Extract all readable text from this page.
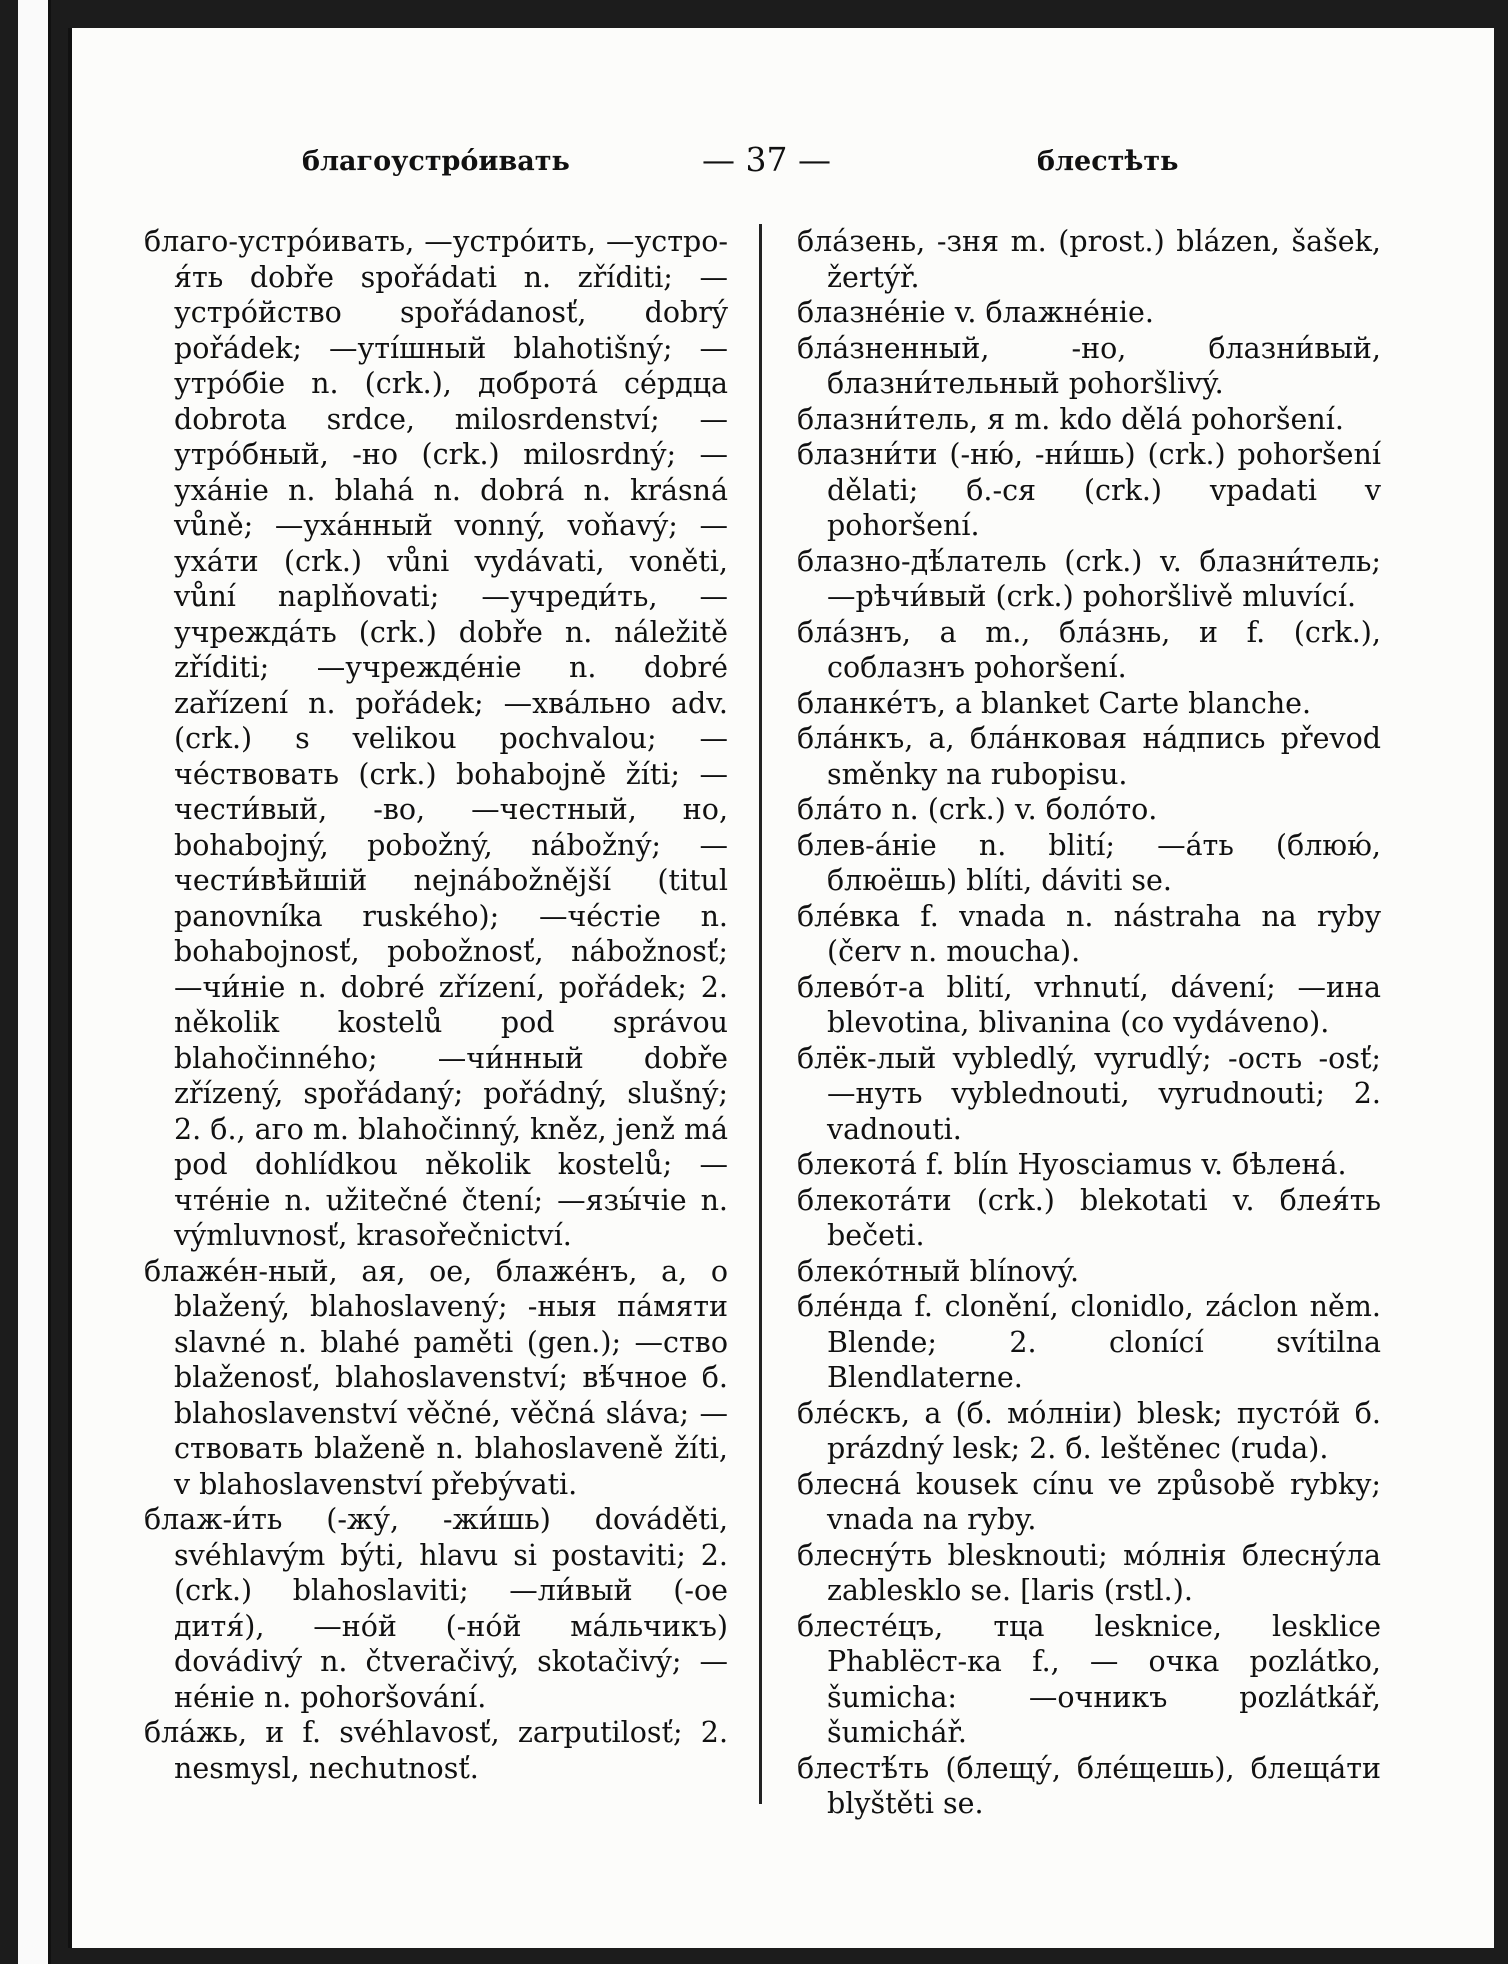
благоустро́ивать	— 37 —	блестѣть

благо-устро́ивать, —устро́ить, —устро-я́ть dobře spořádati n. zříditi; —устро́йство spořádanosť, dobrý pořádek; —уті́шный blahotišný; —утро́біе n. (crk.), доброта́ се́рдца dobrota srdce, milosrdenství; —утро́бный, -но (crk.) milosrdný; —уха́ніе n. blahá n. dobrá n. krásná vůně; —уха́нный vonný, voňavý; —уха́ти (crk.) vůni vydávati, voněti, vůní naplňovati; —учреди́ть, —учрежда́ть (crk.) dobře n. náležitě zříditi; —учрежде́ніе n. dobré zařízení n. pořádek; —хва́льно adv. (crk.) s velikou pochvalou; —че́ствовать (crk.) bohabojně žíti; —чести́вый, -во, —честный, но, bohabojný, pobožný, nábožný; —чести́вѣйшій nejnábožnější (titul panovníka ruského); —че́стіе n. bohabojnosť, pobožnosť, nábožnosť; —чи́ніе n. dobré zřízení, pořádek; 2. několik kostelů pod správou blahočinného; —чи́нный dobře zřízený, spořádaný; pořádný, slušný; 2. б., аго m. blahočinný, kněz, jenž má pod dohlídkou několik kostelů; —чте́ніе n. užitečné čtení; —язы́чіе n. výmluvnosť, krasořečnictví.

блаже́н-ный, ая, ое, блаже́нъ, а, о blažený, blahoslavený; -ныя па́мяти slavné n. blahé paměti (gen.); —ство blaženosť, blahoslavenství; вѣ́чное б. blahoslavenství věčné, věčná sláva; —ствовать blaženě n. blahoslaveně žíti, v blahoslavenství přebývati.

блаж-и́ть (-жу́, -жи́шь) dováděti, svéhlavým býti, hlavu si postaviti; 2. (crk.) blahoslaviti; —ли́вый (-ое дитя́), —но́й (-но́й ма́льчикъ) dovádivý n. čtveračivý, skotačivý; —не́ніе n. pohoršování.

бла́жь, и f. svéhlavosť, zarputilosť; 2. nesmysl, nechutnosť.

бла́зень, -зня m. (prost.) blázen, šašek, žertýř.

блазне́ніе v. блажне́ніе.

бла́зненный, -но, блазни́вый, блазни́тельный pohoršlivý.

блазни́тель, я m. kdo dělá pohoršení.

блазни́ти (-ню́, -ни́шь) (crk.) pohoršení dělati; б.-ся (crk.) vpadati v pohoršení.

блазно-дѣ́латель (crk.) v. блазни́тель; —рѣчи́вый (crk.) pohoršlivě mluvící.

бла́знъ, а m., бла́знь, и f. (crk.), соблазнъ pohoršení.

бланке́тъ, а blanket Carte blanche.

бла́нкъ, а, бла́нковая на́дпись převod směnky na rubopisu.

бла́то n. (crk.) v. боло́то.

блев-а́ніе n. blití; —а́ть (блюю́, блюёшь) blíti, dáviti se.

бле́вка f. vnada n. nástraha na ryby (červ n. moucha).

блево́т-а blití, vrhnutí, dávení; —ина blevotina, blivanina (co vydáveno).

блёк-лый vybledlý, vyrudlý; -ость -osť; —нуть vyblednouti, vyrudnouti; 2. vadnouti.

блекота́ f. blín Hyosciamus v. бѣлена́.

блекота́ти (crk.) blekotati v. блея́ть bečeti.

блеко́тный blínový.

бле́нда f. clonění, clonidlo, záclon něm. Blende; 2. clonící svítilna Blendlaterne.

бле́скъ, а (б. мо́лніи) blesk; пусто́й б. prázdný lesk; 2. б. leštěnec (ruda).

блесна́ kousek cínu ve způsobě rybky; vnada na ryby.

блесну́ть blesknouti; мо́лнія блесну́ла zablesklo se. [laris (rstl.).

блесте́цъ, тца lesknice, lesklice Phablёст-ка f., — очка pozlátko, šumicha: —очникъ pozlátkář, šumichář.

блестѣ́ть (блещу́, бле́щешь), блеща́ти blyštěti se.
